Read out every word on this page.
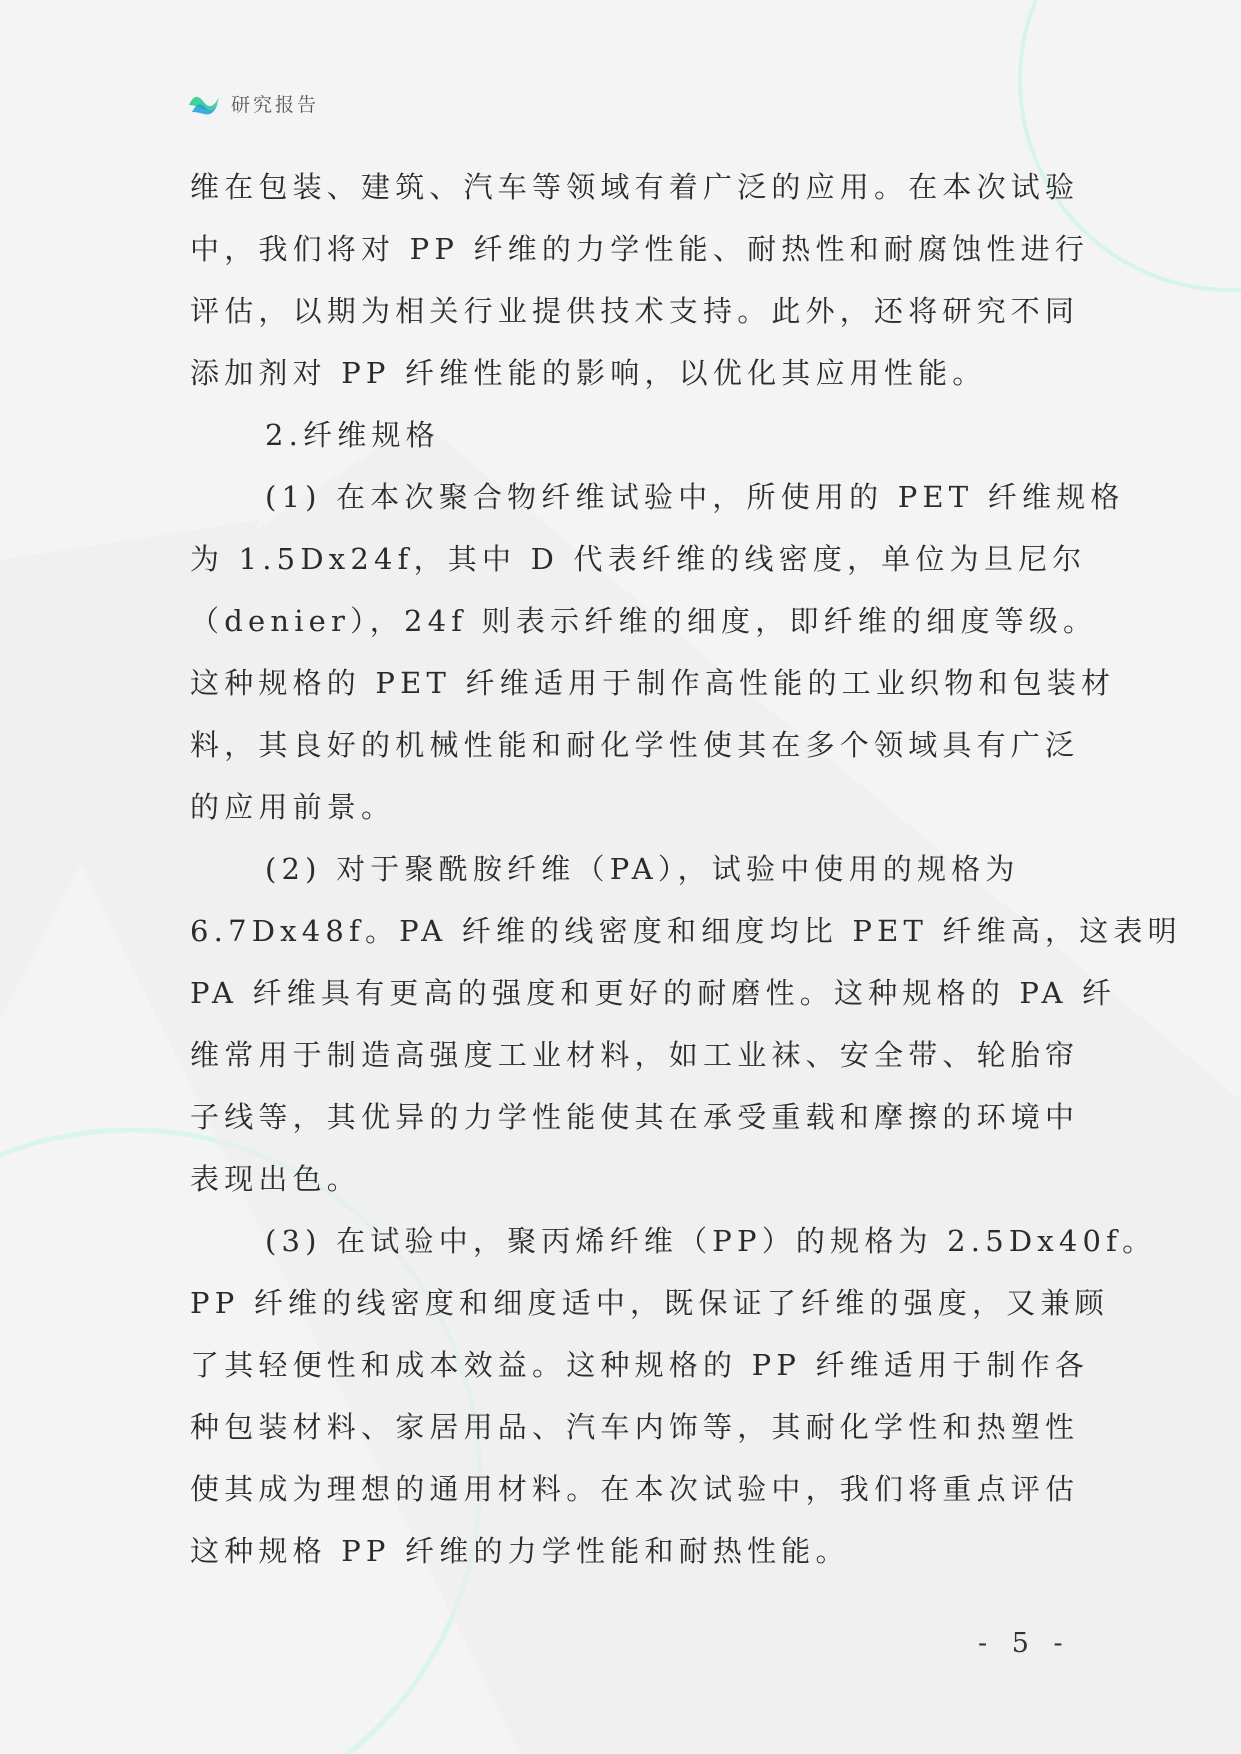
研究报告
维在包装、建筑、汽车等领域有着广泛的应用。在本次试验
中，我们将对 PP 纤维的力学性能、耐热性和耐腐蚀性进行
评估，以期为相关行业提供技术支持。此外，还将研究不同
添加剂对 PP 纤维性能的影响，以优化其应用性能。
2.纤维规格
(1) 在本次聚合物纤维试验中，所使用的 PET 纤维规格
为 1.5Dx24f，其中 D 代表纤维的线密度，单位为旦尼尔
（denier），24f 则表示纤维的细度，即纤维的细度等级。
这种规格的 PET 纤维适用于制作高性能的工业织物和包装材
料，其良好的机械性能和耐化学性使其在多个领域具有广泛
的应用前景。
(2) 对于聚酰胺纤维（PA），试验中使用的规格为
6.7Dx48f。PA 纤维的线密度和细度均比 PET 纤维高，这表明
PA 纤维具有更高的强度和更好的耐磨性。这种规格的 PA 纤
维常用于制造高强度工业材料，如工业袜、安全带、轮胎帘
子线等，其优异的力学性能使其在承受重载和摩擦的环境中
表现出色。
(3) 在试验中，聚丙烯纤维（PP）的规格为 2.5Dx40f。
PP 纤维的线密度和细度适中，既保证了纤维的强度，又兼顾
了其轻便性和成本效益。这种规格的 PP 纤维适用于制作各
种包装材料、家居用品、汽车内饰等，其耐化学性和热塑性
使其成为理想的通用材料。在本次试验中，我们将重点评估
这种规格 PP 纤维的力学性能和耐热性能。
- 5 -
